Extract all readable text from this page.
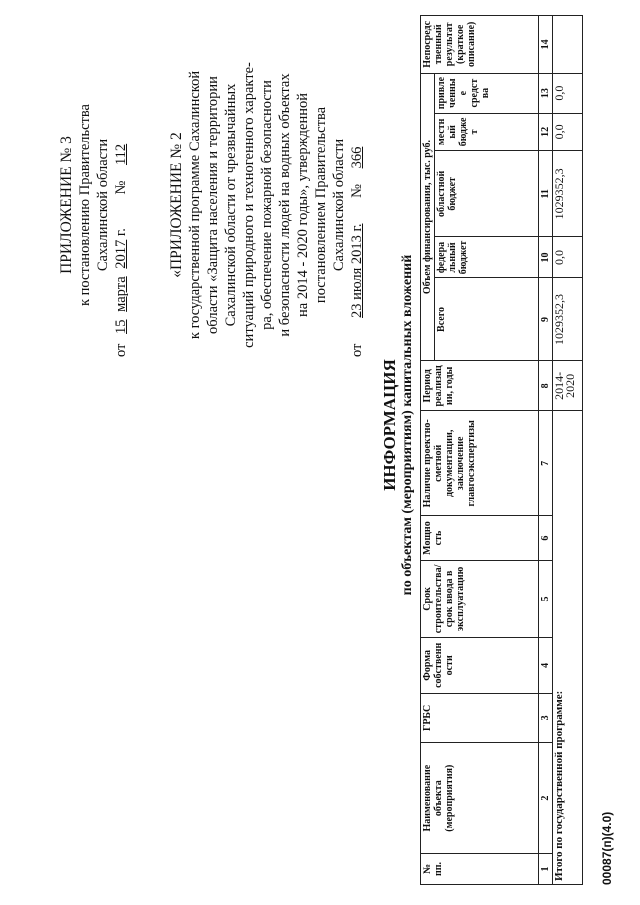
ПРИЛОЖЕНИЕ № 3 к постановлению Правительства Сахалинской области
от 15 марта 2017 г. № 112	«ПРИЛОЖЕНИЕ № 2 к государственной программе Сахалинской области «Защита населения и территории Сахалинской области от чрезвычайных ситуаций природного и техногенного характе- ра, обеспечение пожарной безопасности и безопасности людей на водных объектах на 2014 - 2020 годы», утвержденной постановлением Правительства Сахалинской области
от 23 июля 2013 г. № 366
ИНФОРМАЦИЯ по объектам (мероприятиям) капитальных вложений
№ пп.	Наименование объекта (мероприятия)	ГРБС	Форма собственности	Срок строительства/ срок ввода в эксплуатацию	Мощность	Наличие проектно-сметной документации, заключение главгосэкспертизы	Период реализации, годы	Объем финансирования, тыс. руб.					Непосредственный результат (краткое описание)
								Всего	федеральный бюджет	областной бюджет	местный бюджет	привлеченные средства	
1	2	3	4	5	6	7	8	9	10	11	12	13	14
Итого по государственной программе:							2014-2020	1029352,3	0,0	1029352,3	0,0	0,0	
00087(п)(4.0)
